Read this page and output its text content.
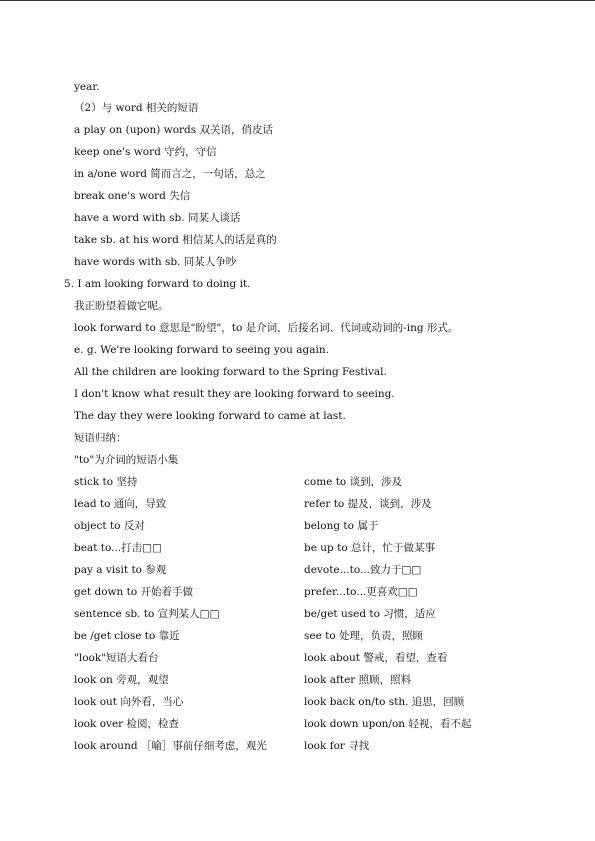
year.
（2）与 word 相关的短语
a play on (upon) words 双关语，俏皮话
keep one's word 守约，守信
in a/one word 简而言之，一句话，总之
break one's word 失信
have a word with sb. 同某人谈话
take sb. at his word 相信某人的话是真的
have words with sb. 同某人争吵
5. I am looking forward to doing it.
我正盼望着做它呢。
look forward to 意思是"盼望"，to 是介词，后接名词、代词或动词的-ing 形式。
e. g. We're looking forward to seeing you again.
All the children are looking forward to the Spring Festival.
I don't know what result they are looking forward to seeing.
The day they were looking forward to came at last.
短语归纳：
"to"为介词的短语小集
stick to 坚持	come to 谈到，涉及
lead to 通向，导致	refer to 提及，谈到，涉及
object to 反对	belong to 属于
beat to...打击□□	be up to 总计，忙于做某事
pay a visit to 参观	devote...to...致力于□□
get down to 开始着手做	prefer...to...更喜欢□□
sentence sb. to 宣判某人□□	be/get used to 习惯，适应
be /get close to 靠近	see to 处理，负责，照顾
"look"短语大看台	look about 警戒，看望，查看
look on 旁观，观望	look after 照顾，照料
look out 向外看，当心	look back on/to sth. 追思，回顾
look over 检阅，检查	look down upon/on 轻视，看不起
look around ［喻］事前仔细考虑，观光	look for 寻找
